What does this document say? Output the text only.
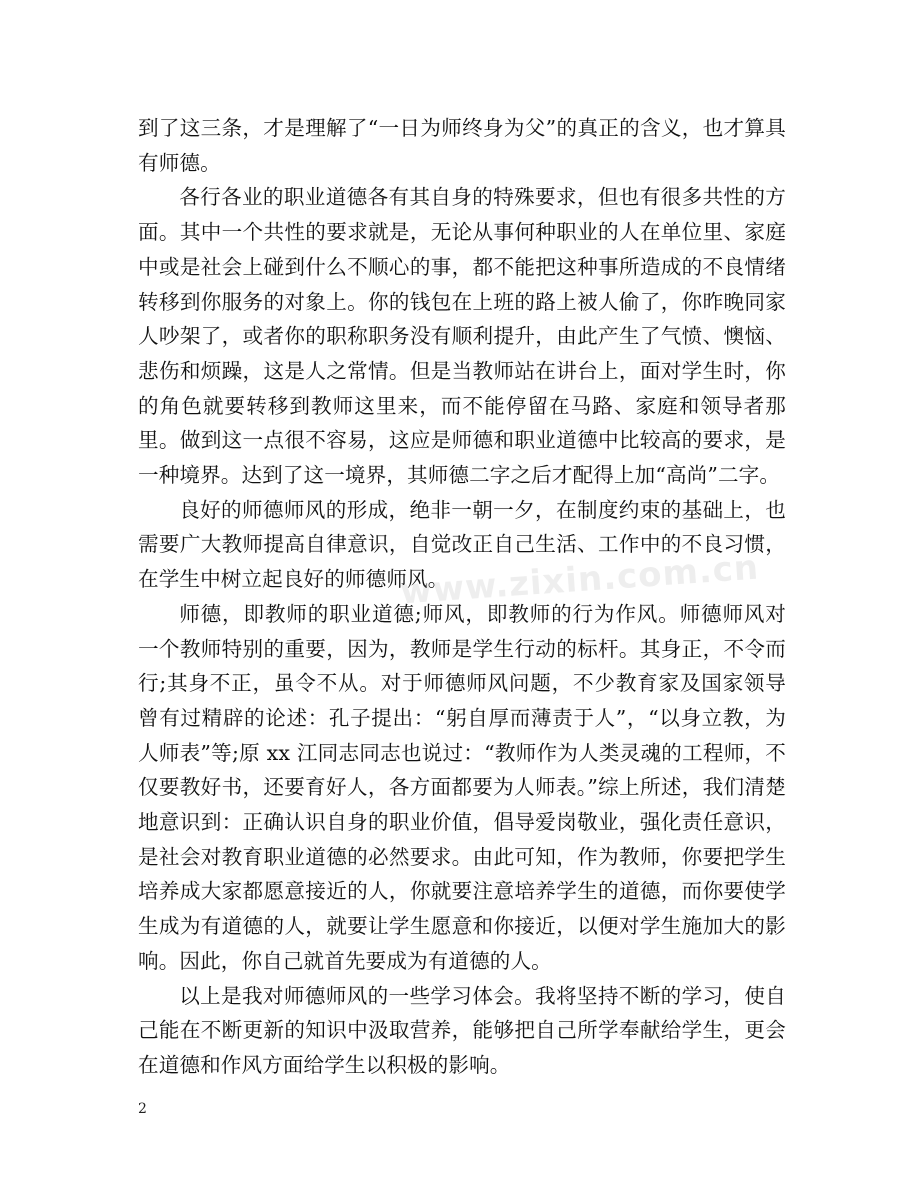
到了这三条，才是理解了“一日为师终身为父”的真正的含义，也才算具有师德。

各行各业的职业道德各有其自身的特殊要求，但也有很多共性的方面。其中一个共性的要求就是，无论从事何种职业的人在单位里、家庭中或是社会上碰到什么不顺心的事，都不能把这种事所造成的不良情绪转移到你服务的对象上。你的钱包在上班的路上被人偷了，你昨晚同家人吵架了，或者你的职称职务没有顺利提升，由此产生了气愤、懊恼、悲伤和烦躁，这是人之常情。但是当教师站在讲台上，面对学生时，你的角色就要转移到教师这里来，而不能停留在马路、家庭和领导者那里。做到这一点很不容易，这应是师德和职业道德中比较高的要求，是一种境界。达到了这一境界，其师德二字之后才配得上加“高尚”二字。

良好的师德师风的形成，绝非一朝一夕，在制度约束的基础上，也需要广大教师提高自律意识，自觉改正自己生活、工作中的不良习惯，在学生中树立起良好的师德师风。

师德，即教师的职业道德;师风，即教师的行为作风。师德师风对一个教师特别的重要，因为，教师是学生行动的标杆。其身正，不令而行;其身不正，虽令不从。对于师德师风问题，不少教育家及国家领导曾有过精辟的论述：孔子提出：“躬自厚而薄责于人”，“以身立教，为人师表”等;原 xx 江同志同志也说过：“教师作为人类灵魂的工程师，不仅要教好书，还要育好人，各方面都要为人师表。”综上所述，我们清楚地意识到：正确认识自身的职业价值，倡导爱岗敬业，强化责任意识，是社会对教育职业道德的必然要求。由此可知，作为教师，你要把学生培养成大家都愿意接近的人，你就要注意培养学生的道德，而你要使学生成为有道德的人，就要让学生愿意和你接近，以便对学生施加大的影响。因此，你自己就首先要成为有道德的人。

以上是我对师德师风的一些学习体会。我将坚持不断的学习，使自己能在不断更新的知识中汲取营养，能够把自己所学奉献给学生，更会在道德和作风方面给学生以积极的影响。

www.zixin.com.cn
2
